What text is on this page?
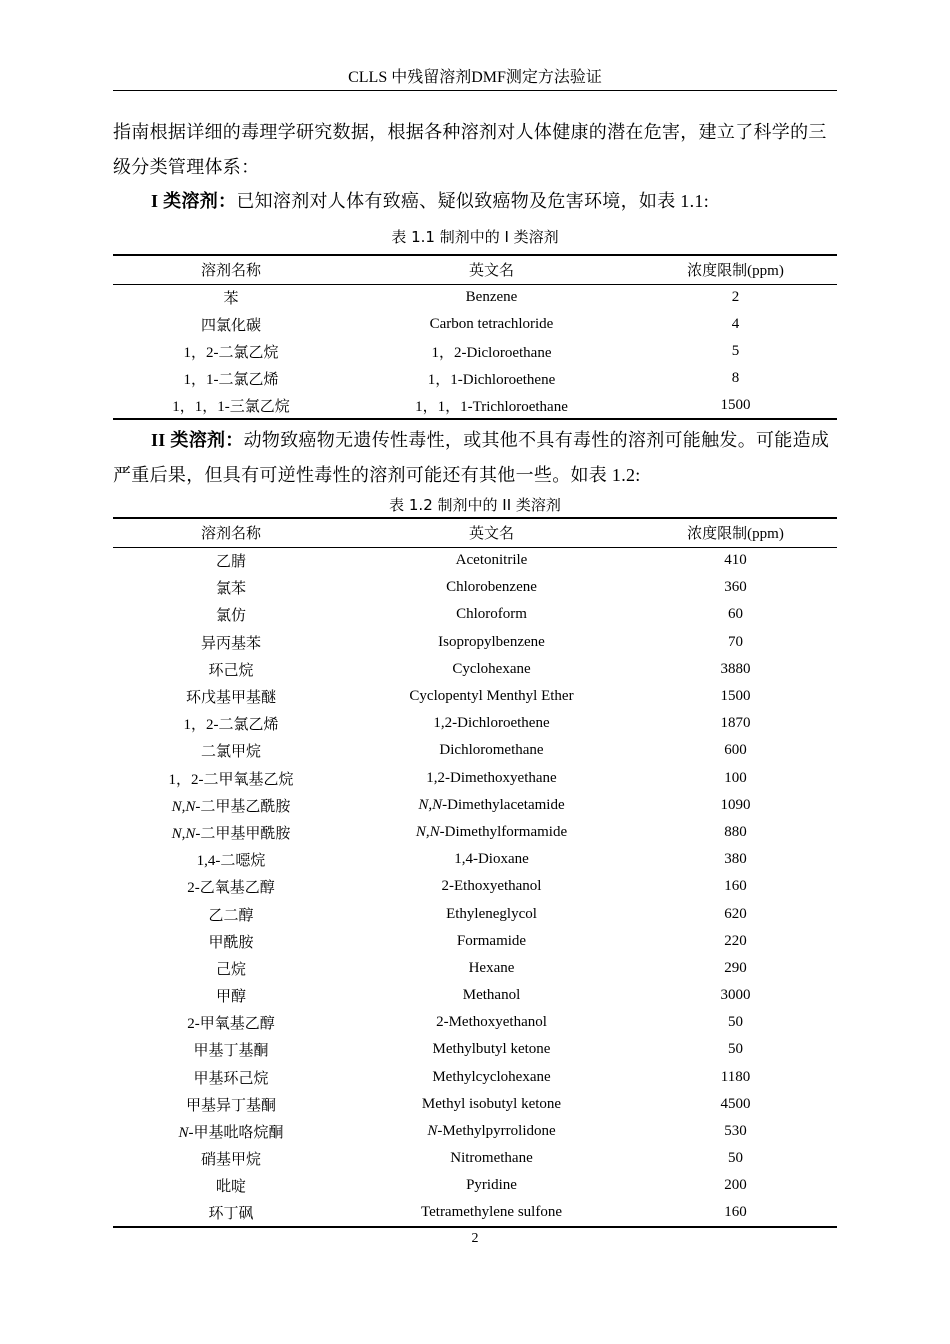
CLLS 中残留溶剂DMF测定方法验证
指南根据详细的毒理学研究数据，根据各种溶剂对人体健康的潜在危害，建立了科学的三级分类管理体系：
I 类溶剂：已知溶剂对人体有致癌、疑似致癌物及危害环境，如表 1.1:
表 1.1 制剂中的 I 类溶剂
溶剂名称	英文名	浓度限制(ppm)
苯	Benzene	2
四氯化碳	Carbon tetrachloride	4
1，2-二氯乙烷	1，2-Dicloroethane	5
1，1-二氯乙烯	1，1-Dichloroethene	8
1，1，1-三氯乙烷	1，1，1-Trichloroethane	1500
II 类溶剂：动物致癌物无遗传性毒性，或其他不具有毒性的溶剂可能触发。可能造成严重后果，但具有可逆性毒性的溶剂可能还有其他一些。如表 1.2:
表 1.2 制剂中的 II 类溶剂
溶剂名称	英文名	浓度限制(ppm)
乙腈	Acetonitrile	410
氯苯	Chlorobenzene	360
氯仿	Chloroform	60
异丙基苯	Isopropylbenzene	70
环己烷	Cyclohexane	3880
环戊基甲基醚	Cyclopentyl Menthyl Ether	1500
1，2-二氯乙烯	1,2-Dichloroethene	1870
二氯甲烷	Dichloromethane	600
1，2-二甲氧基乙烷	1,2-Dimethoxyethane	100
N,N-二甲基乙酰胺	N,N-Dimethylacetamide	1090
N,N-二甲基甲酰胺	N,N-Dimethylformamide	880
1,4-二噁烷	1,4-Dioxane	380
2-乙氧基乙醇	2-Ethoxyethanol	160
乙二醇	Ethyleneglycol	620
甲酰胺	Formamide	220
己烷	Hexane	290
甲醇	Methanol	3000
2-甲氧基乙醇	2-Methoxyethanol	50
甲基丁基酮	Methylbutyl ketone	50
甲基环己烷	Methylcyclohexane	1180
甲基异丁基酮	Methyl isobutyl ketone	4500
N-甲基吡咯烷酮	N-Methylpyrrolidone	530
硝基甲烷	Nitromethane	50
吡啶	Pyridine	200
环丁砜	Tetramethylene sulfone	160
2
